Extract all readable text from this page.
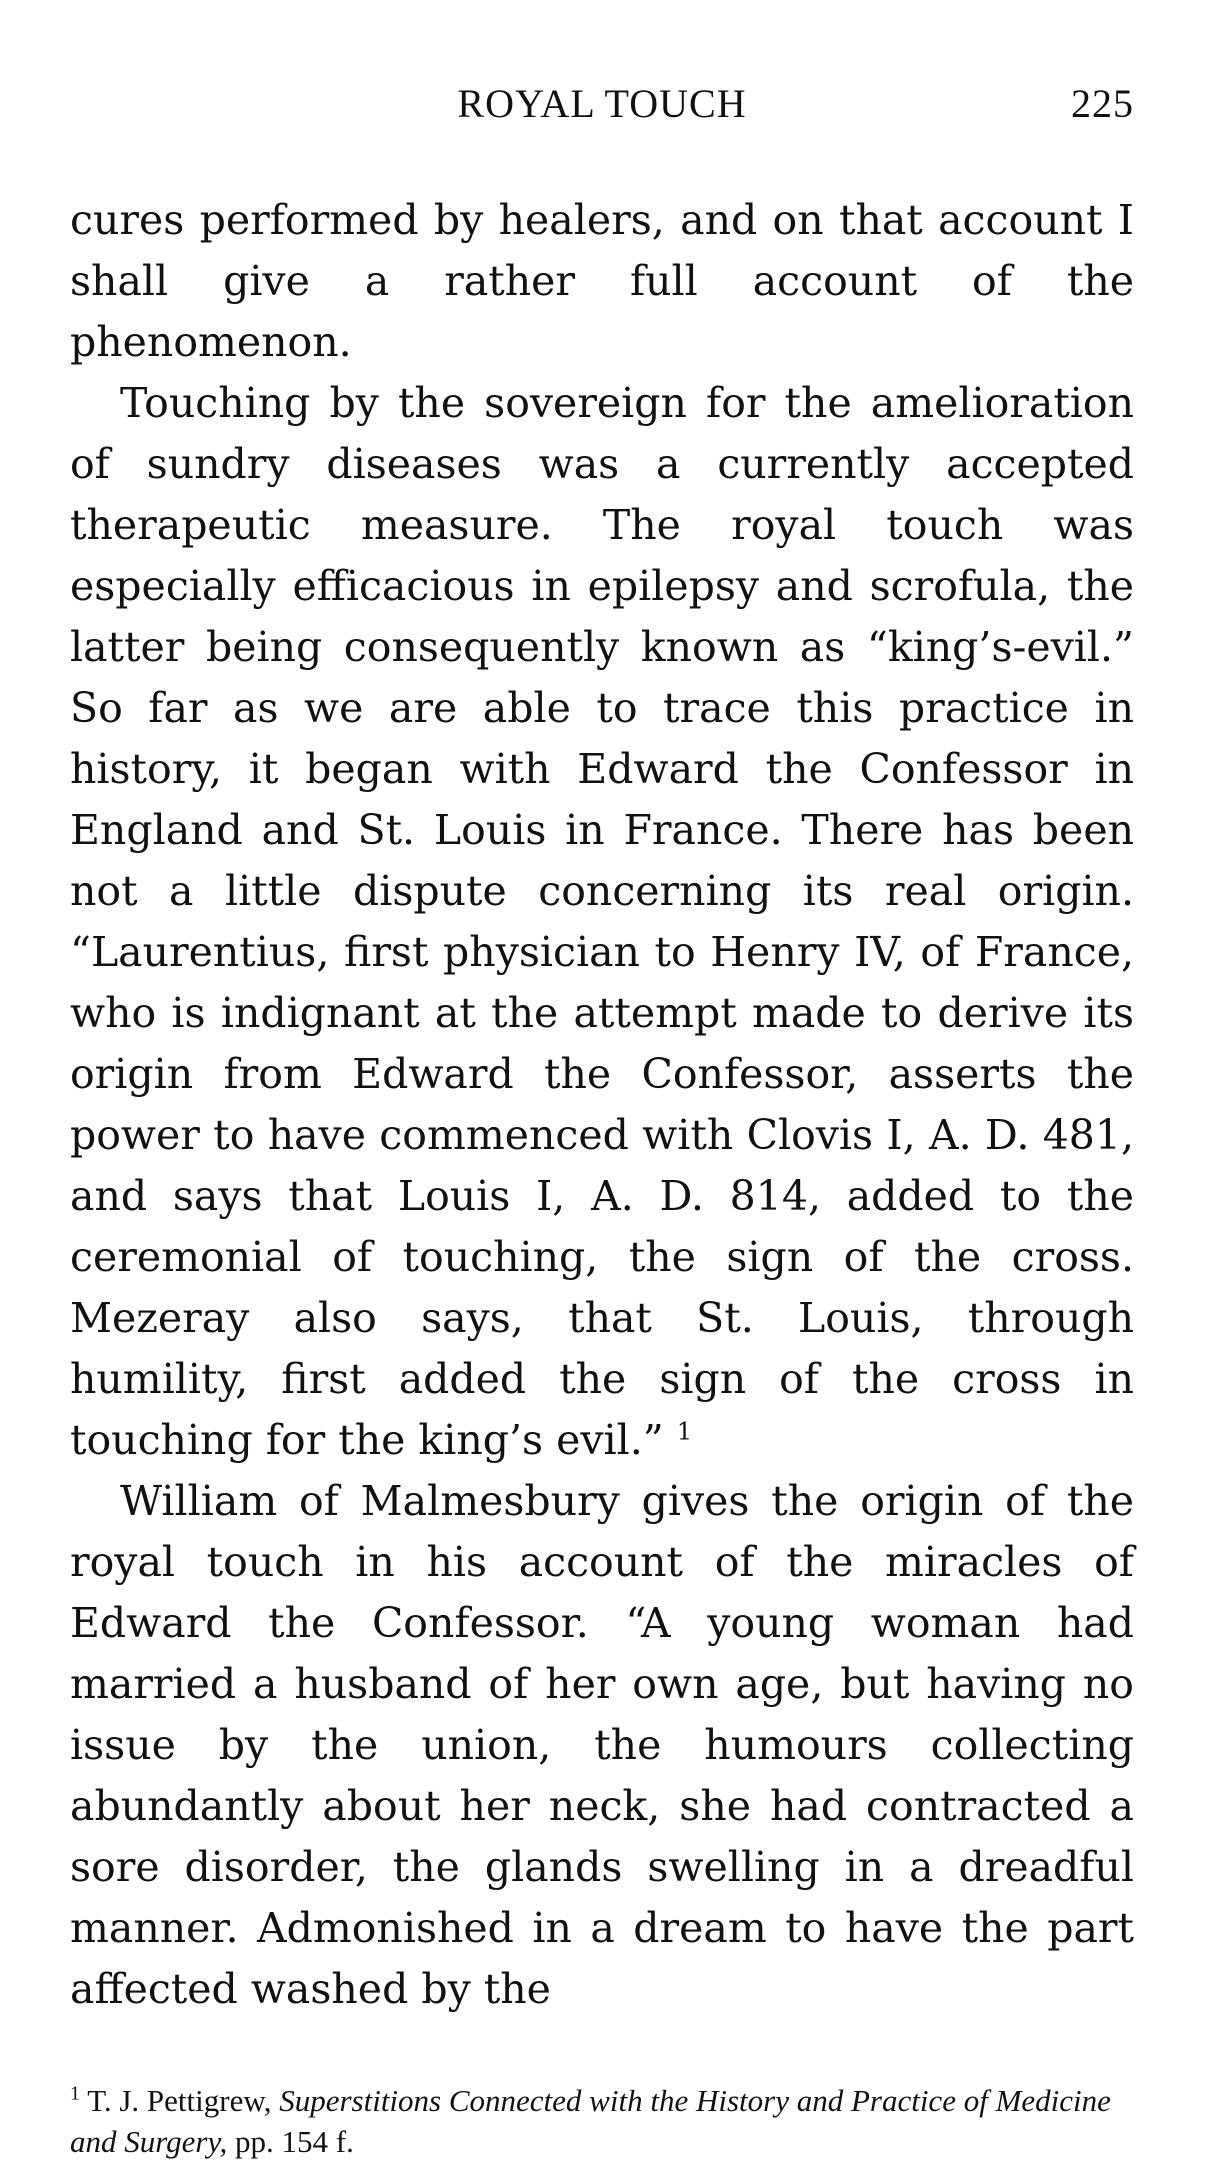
ROYAL TOUCH	225

cures performed by healers, and on that account I shall give a rather full account of the phenomenon.

Touching by the sovereign for the amelioration of sundry diseases was a currently accepted therapeutic measure. The royal touch was especially efficacious in epilepsy and scrofula, the latter being consequently known as “king’s-evil.” So far as we are able to trace this practice in history, it began with Edward the Confessor in England and St. Louis in France. There has been not a little dispute concerning its real origin. “Laurentius, first physician to Henry IV, of France, who is indignant at the attempt made to derive its origin from Edward the Confessor, asserts the power to have commenced with Clovis I, A. D. 481, and says that Louis I, A. D. 814, added to the ceremonial of touching, the sign of the cross. Mezeray also says, that St. Louis, through humility, first added the sign of the cross in touching for the king’s evil.” $^1$

William of Malmesbury gives the origin of the royal touch in his account of the miracles of Edward the Confessor. “A young woman had married a husband of her own age, but having no issue by the union, the humours collecting abundantly about her neck, she had contracted a sore disorder, the glands swelling in a dreadful manner. Admonished in a dream to have the part affected washed by the

$^1$ T. J. Pettigrew, Superstitions Connected with the History and Practice of Medicine and Surgery, pp. 154 f.
